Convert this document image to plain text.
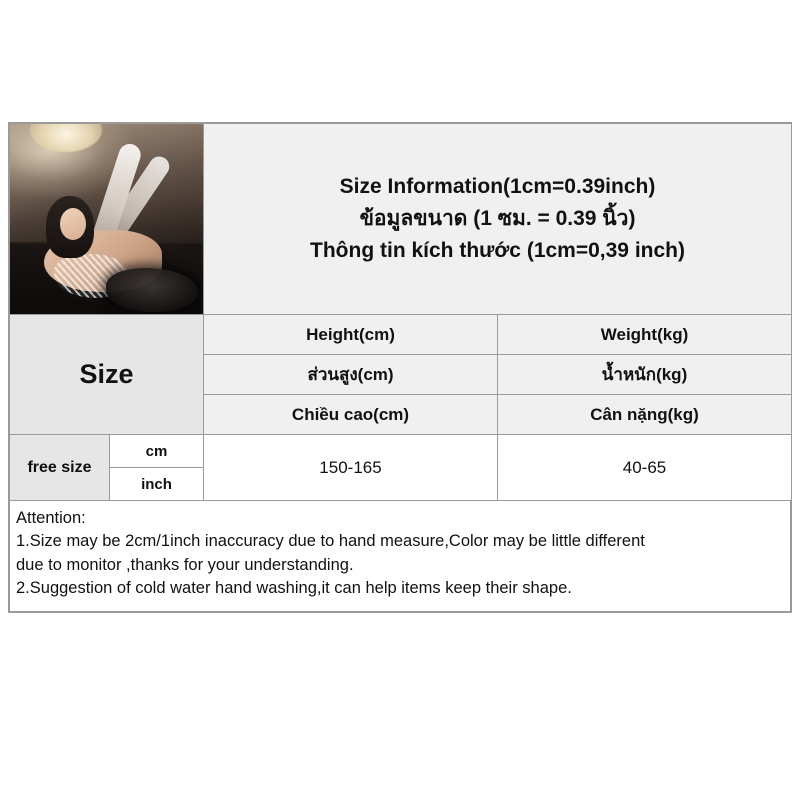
		Size Information(1cm=0.39inch)
ข้อมูลขนาด (1 ซม. = 0.39 นิ้ว)
Thông tin kích thước (1cm=0,39 inch)	

Size		Height(cm)	Weight(kg)
		ส่วนสูง(cm)	น้ำหนัก(kg)
		Chiều cao(cm)	Cân nặng(kg)
free size	cm	150-165	40-65
	inch		

Attention:

1.Size may be 2cm/1inch inaccuracy due to hand measure,Color may be little different

due to monitor ,thanks for your understanding.

2.Suggestion of cold water hand washing,it can help items keep their shape.
